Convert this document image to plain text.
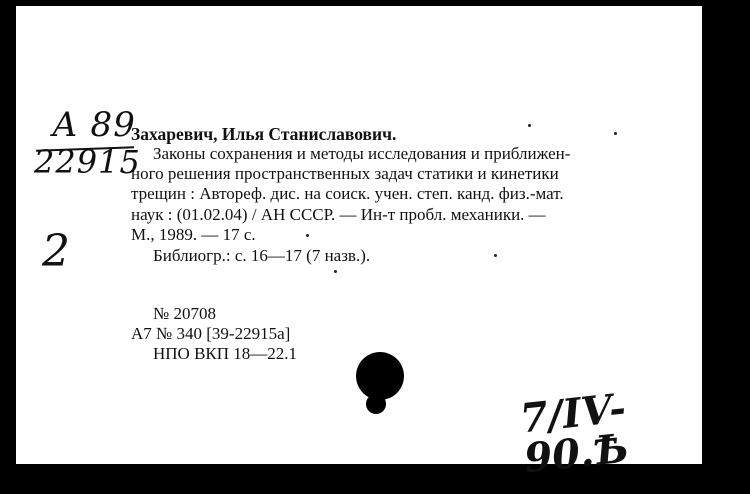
А 89
22915
2
Захаревич, Илья Станиславович.
Законы сохранения и методы исследования и приближен-
ного решения пространственных задач статики и кинетики
трещин : Автореф. дис. на соиск. учен. степ. канд. физ.-мат.
наук : (01.02.04) / АН СССР. — Ин-т пробл. механики. —
М., 1989. — 17 с.
Библиогр.: с. 16—17 (7 назв.).
№ 20708
А7 № 340 [39-22915а]
НПО ВКП 18—22.1
7/IV-90.Ѣ
